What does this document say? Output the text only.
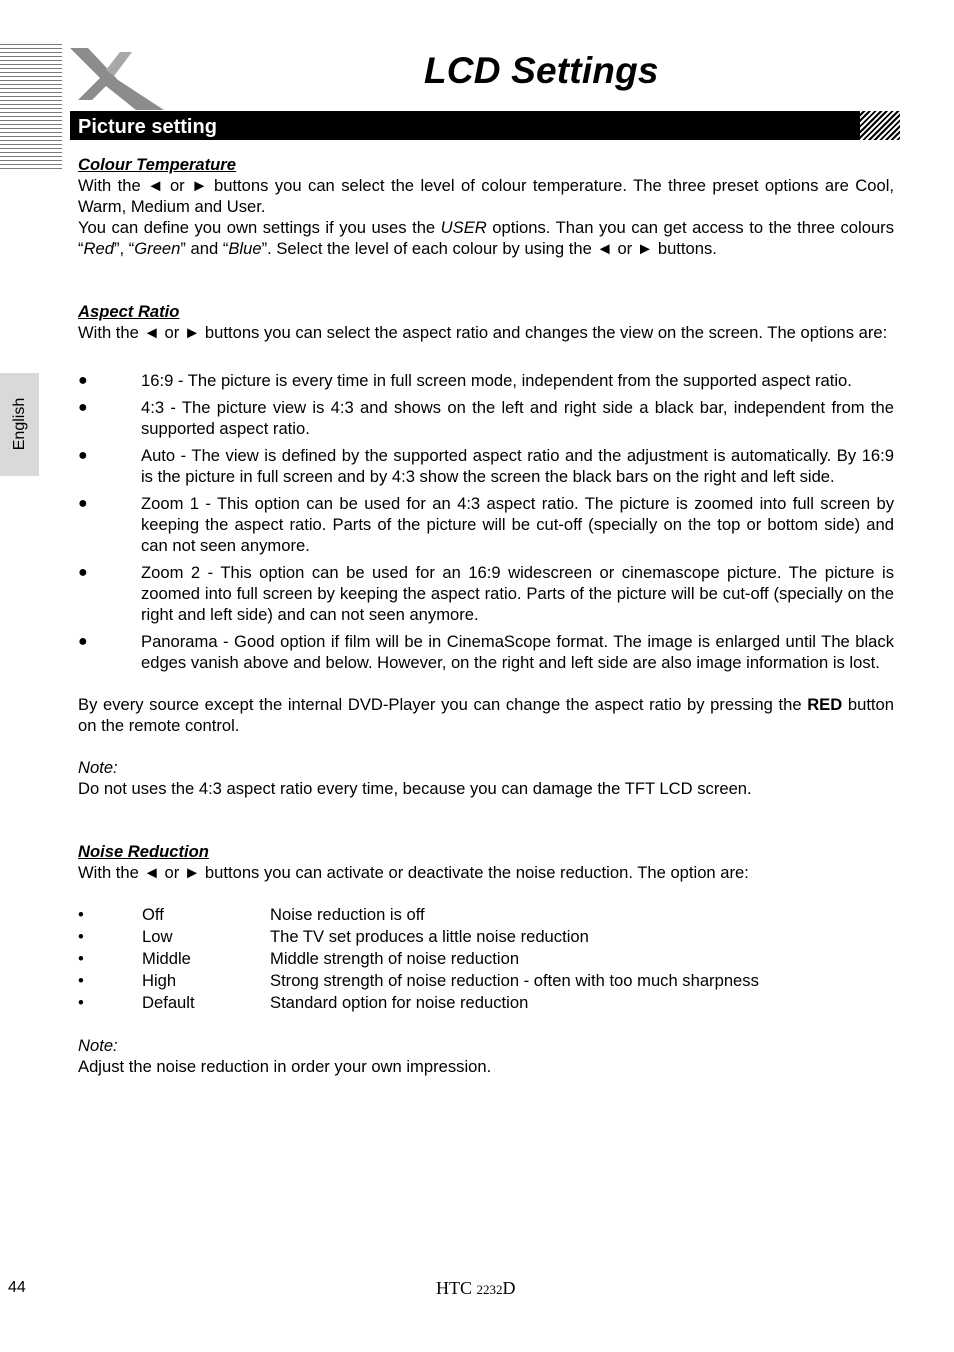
LCD Settings
Picture setting
English
Colour Temperature

With the ◄ or ► buttons you can select the level of colour temperature. The three preset options are Cool, Warm, Medium and User.

You can define you own settings if you uses the USER options. Than you can get access to the three colours “Red”, “Green” and “Blue”. Select the level of each colour by using the ◄ or ► buttons.

Aspect Ratio

With the ◄ or ► buttons you can select the aspect ratio and changes the view on the screen. The options are:

●	16:9 - The picture is every time in full screen mode, independent from the supported aspect ratio.
●	4:3 - The picture view is 4:3 and shows on the left and right side a black bar, independent from the supported aspect ratio.
●	Auto - The view is defined by the supported aspect ratio and the adjustment is automatically. By 16:9 is the picture in full screen and by 4:3 show the screen the black bars on the right and left side.
●	Zoom 1 - This option can be used for an 4:3 aspect ratio. The picture is zoomed into full screen by keeping the aspect ratio. Parts of the picture will be cut-off (specially on the top or bottom side) and can not seen anymore.
●	Zoom 2 - This option can be used for an 16:9 widescreen or cinemascope picture. The picture is zoomed into full screen by keeping the aspect ratio. Parts of the picture will be cut-off (specially on the right and left side) and can not seen anymore.
●	Panorama - Good option if film will be in CinemaScope format. The image is enlarged until The black edges vanish above and below. However, on the right and left side are also image information is lost.

By every source except the internal DVD-Player you can change the aspect ratio by pressing the RED button on the remote control.

Note:

Do not uses the 4:3 aspect ratio every time, because you can damage the TFT LCD screen.

Noise Reduction

With the ◄ or ► buttons you can activate or deactivate the noise reduction. The option are:

•	Off	Noise reduction is off
•	Low	The TV set produces a little noise reduction
•	Middle	Middle strength of noise reduction
•	High	Strong strength of noise reduction - often with too much sharpness
•	Default	Standard option for noise reduction

Note:

Adjust the noise reduction in order your own impression.

44	HTC 2232D
